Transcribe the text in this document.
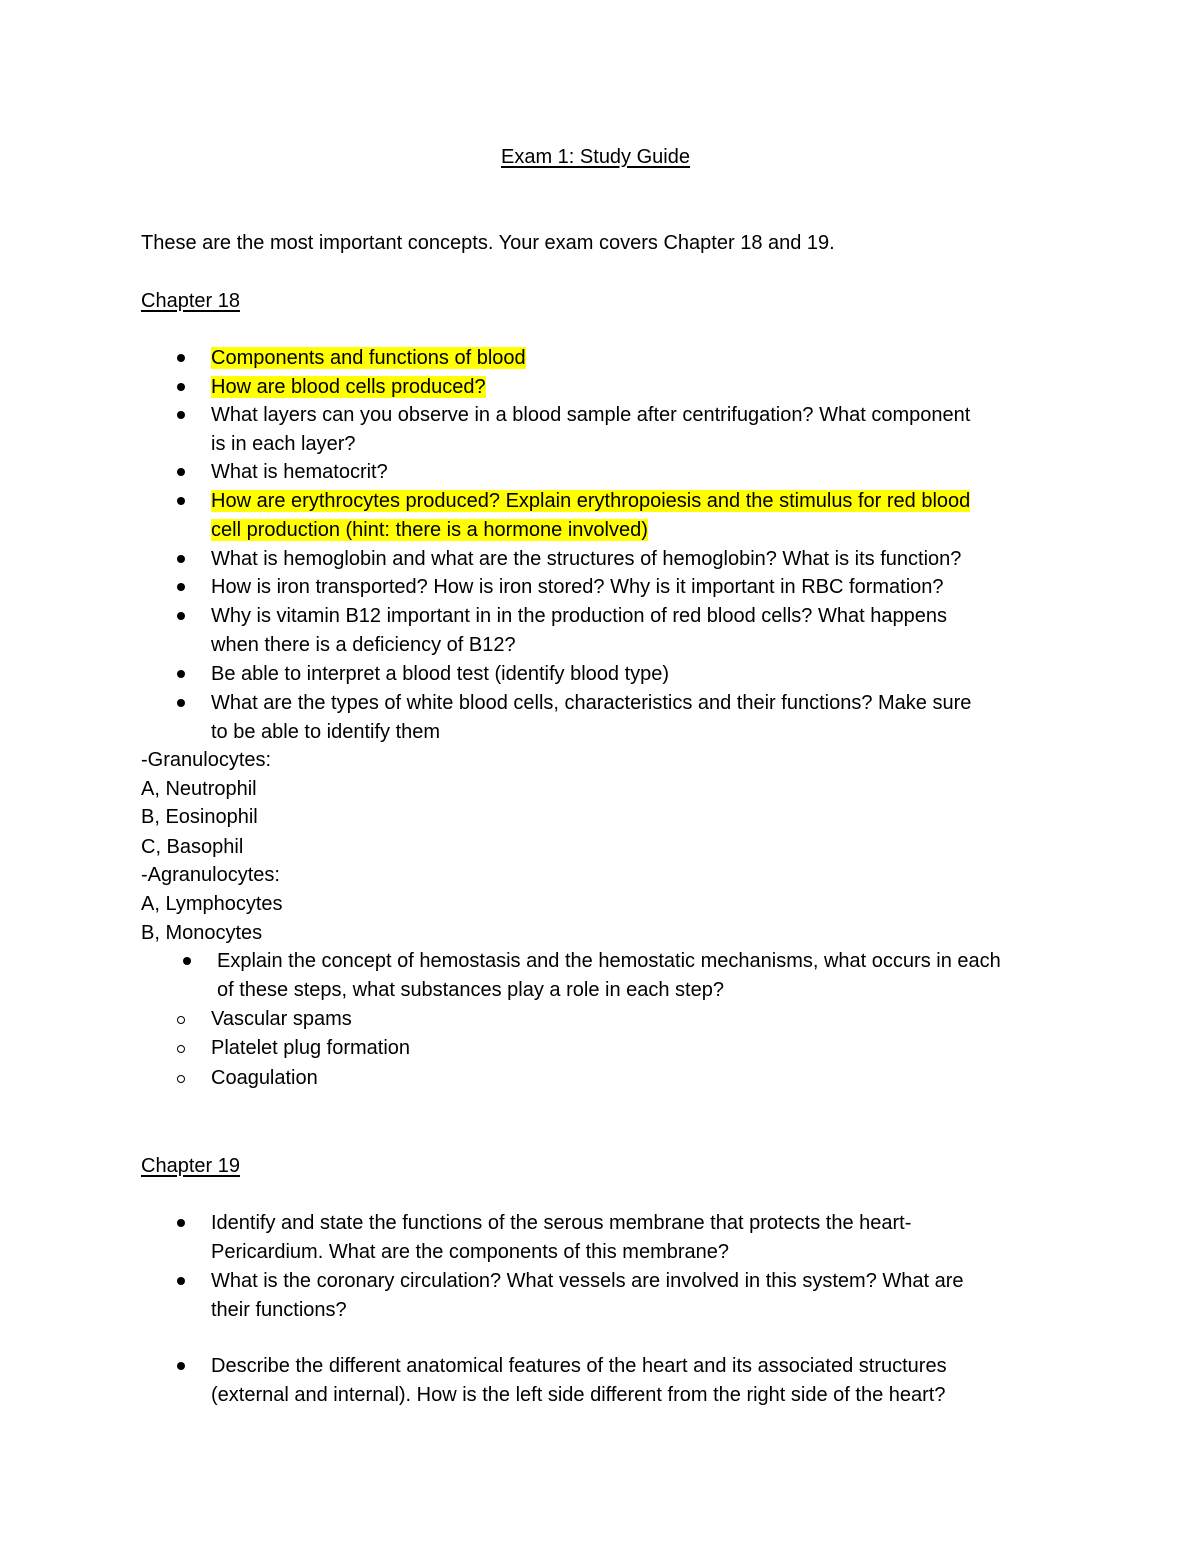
Exam 1: Study Guide
These are the most important concepts. Your exam covers Chapter 18 and 19.
Chapter 18
Components and functions of blood
How are blood cells produced?
What layers can you observe in a blood sample after centrifugation? What component
is in each layer?
What is hematocrit?
How are erythrocytes produced? Explain erythropoiesis and the stimulus for red blood
cell production (hint: there is a hormone involved)
What is hemoglobin and what are the structures of hemoglobin? What is its function?
How is iron transported? How is iron stored? Why is it important in RBC formation?
Why is vitamin B12 important in in the production of red blood cells? What happens
when there is a deficiency of B12?
Be able to interpret a blood test (identify blood type)
What are the types of white blood cells, characteristics and their functions? Make sure
to be able to identify them
-Granulocytes:
A, Neutrophil
B, Eosinophil
C, Basophil
-Agranulocytes:
A, Lymphocytes
B, Monocytes
Explain the concept of hemostasis and the hemostatic mechanisms, what occurs in each
of these steps, what substances play a role in each step?
Vascular spams
Platelet plug formation
Coagulation
Chapter 19
Identify and state the functions of the serous membrane that protects the heart-
Pericardium. What are the components of this membrane?
What is the coronary circulation? What vessels are involved in this system? What are
their functions?
Describe the different anatomical features of the heart and its associated structures
(external and internal). How is the left side different from the right side of the heart?
